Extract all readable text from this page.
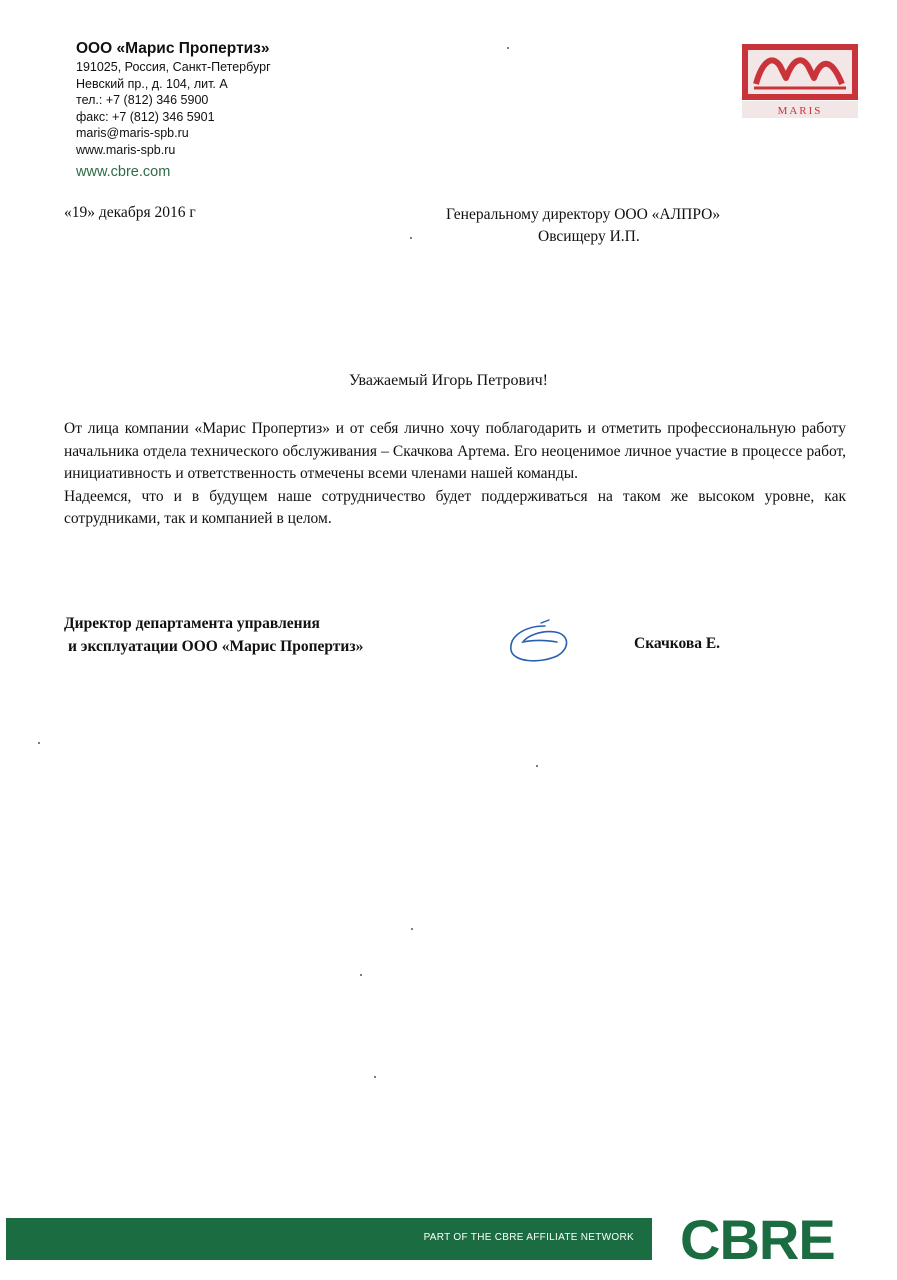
ООО «Марис Пропертиз»
191025, Россия, Санкт-Петербург
Невский пр., д. 104, лит. А
тел.: +7 (812) 346 5900
факс: +7 (812) 346 5901
maris@maris-spb.ru
www.maris-spb.ru
www.cbre.com
MARIS
«19» декабря 2016 г	Генеральному директору ООО «АЛПРО»
Овсищеру И.П.
Уважаемый Игорь Петрович!

От лица компании «Марис Пропертиз» и от себя лично хочу поблагодарить и отметить профессиональную работу начальника отдела технического обслуживания – Скачкова Артема. Его неоценимое личное участие в процессе работ, инициативность и ответственность отмечены всеми членами нашей команды.

Надеемся, что и в будущем наше сотрудничество будет поддерживаться на таком же высоком уровне, как сотрудниками, так и компанией в целом.

Директор департамента управления
и эксплуатации ООО «Марис Пропертиз»	Скачкова Е.
PART OF THE CBRE AFFILIATE NETWORK CBRE
